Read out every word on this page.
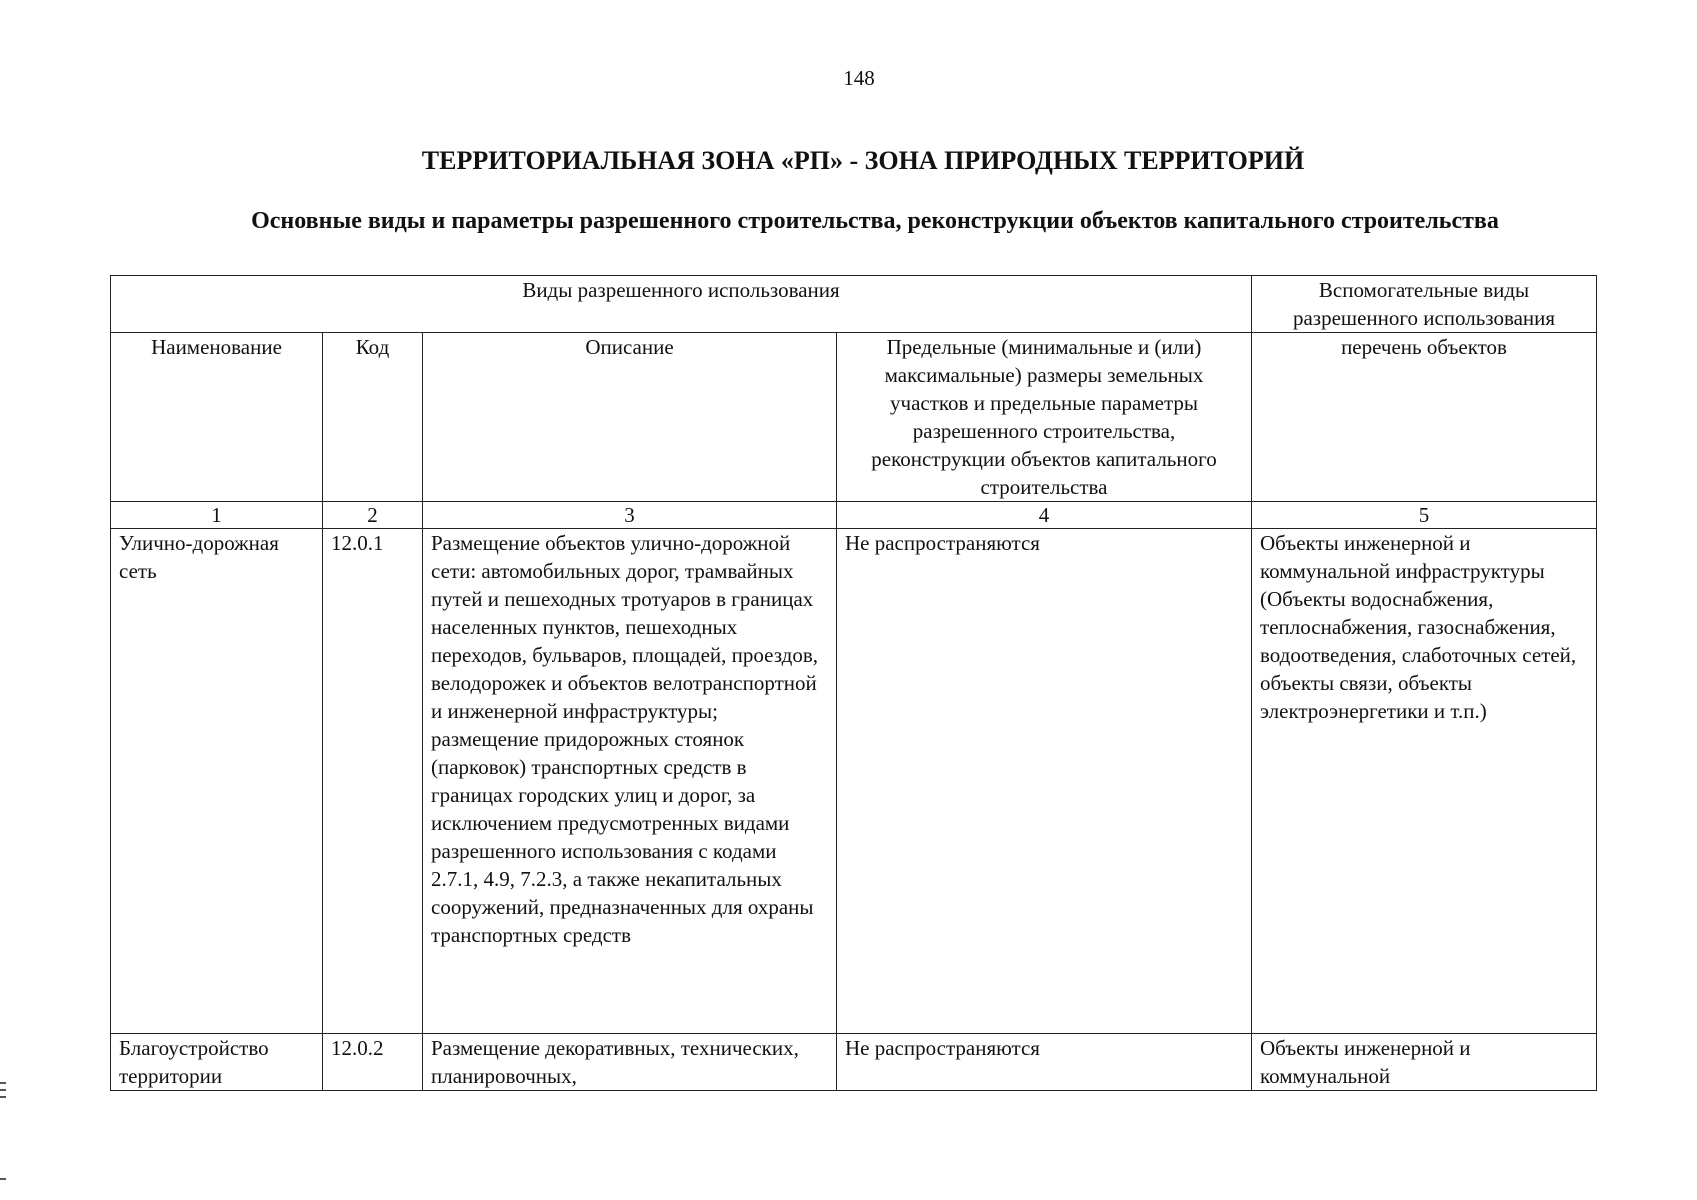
148
ТЕРРИТОРИАЛЬНАЯ ЗОНА «РП» - ЗОНА ПРИРОДНЫХ ТЕРРИТОРИЙ
Основные виды и параметры разрешенного строительства, реконструкции объектов капитального строительства
Виды разрешенного использования				Вспомогательные виды разрешенного использования
Наименование	Код	Описание	Предельные (минимальные и (или) максимальные) размеры земельных участков и предельные параметры разрешенного строительства, реконструкции объектов капитального строительства	перечень объектов
1	2	3	4	5
Улично-дорожная сеть	12.0.1	Размещение объектов улично-дорожной сети: автомобильных дорог, трамвайных путей и пешеходных тротуаров в границах населенных пунктов, пешеходных переходов, бульваров, площадей, проездов, велодорожек и объектов велотранспортной и инженерной инфраструктуры;
размещение придорожных стоянок (парковок) транспортных средств в границах городских улиц и дорог, за исключением предусмотренных видами разрешенного использования с кодами 2.7.1, 4.9, 7.2.3, а также некапитальных сооружений, предназначенных для охраны транспортных средств	Не распространяются	Объекты инженерной и коммунальной инфраструктуры (Объекты водоснабжения, теплоснабжения, газоснабжения, водоотведения, слаботочных сетей, объекты связи, объекты электроэнергетики и т.п.)
Благоустройство территории	12.0.2	Размещение декоративных, технических, планировочных,	Не распространяются	Объекты инженерной и коммунальной
